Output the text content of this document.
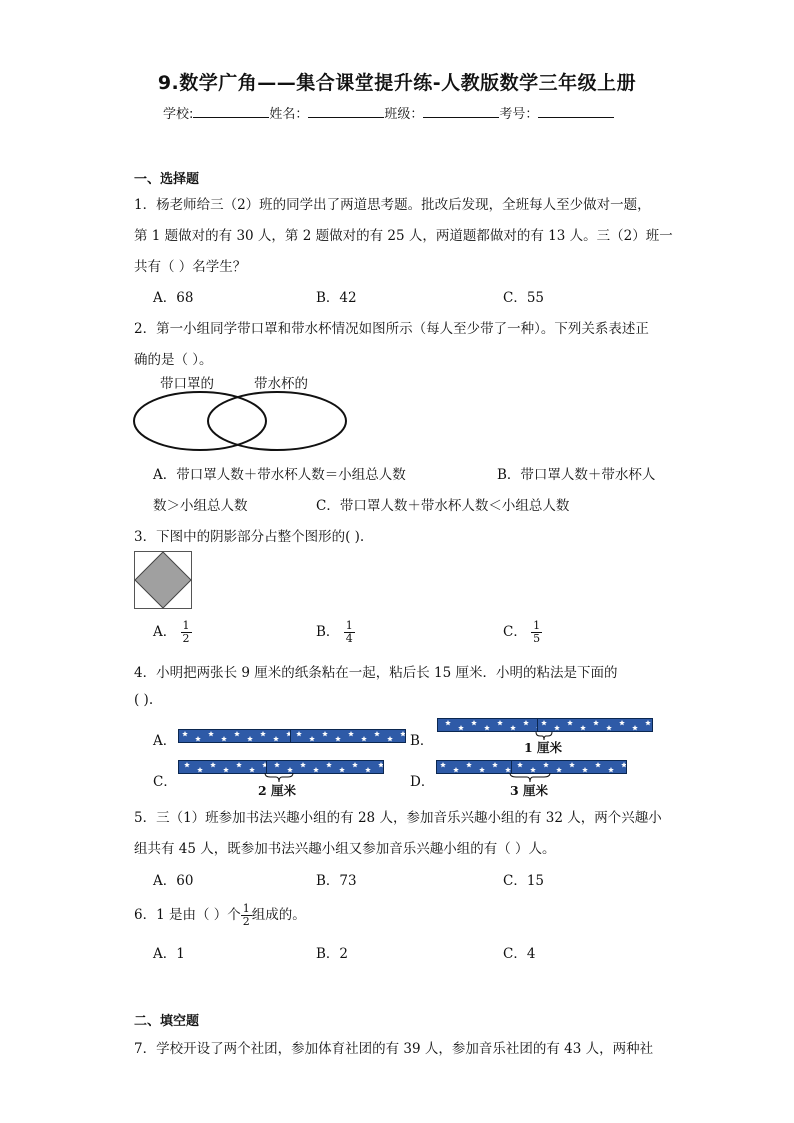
9.数学广角——集合课堂提升练-人教版数学三年级上册
学校:	姓名：	班级：	考号：
一、选择题
1．杨老师给三（2）班的同学出了两道思考题。批改后发现，全班每人至少做对一题，
第 1 题做对的有 30 人，第 2 题做对的有 25 人，两道题都做对的有 13 人。三（2）班一
共有（ ）名学生？
A．68	B．42	C．55
2．第一小组同学带口罩和带水杯情况如图所示（每人至少带了一种）。下列关系表述正
确的是（ ）。
带口罩的	带水杯的
A．带口罩人数＋带水杯人数＝小组总人数	B．带口罩人数＋带水杯人
数＞小组总人数	C．带口罩人数＋带水杯人数＜小组总人数
3．下图中的阴影部分占整个图形的( ).
A． $\frac{1}{2}$	B． $\frac{1}{4}$	C． $\frac{1}{5}$
4．小明把两张长 9 厘米的纸条粘在一起，粘后长 15 厘米．小明的粘法是下面的
( ).
A．	B．	1 厘米
C．
2 厘米
D．
3 厘米
5．三（1）班参加书法兴趣小组的有 28 人，参加音乐兴趣小组的有 32 人，两个兴趣小
组共有 45 人，既参加书法兴趣小组又参加音乐兴趣小组的有（ ）人。
A．60	B．73	C．15
6．1 是由（ ）个 $\frac{1}{2}$ 组成的。
A．1	B．2	C．4
二、填空题
7．学校开设了两个社团，参加体育社团的有 39 人，参加音乐社团的有 43 人，两种社
